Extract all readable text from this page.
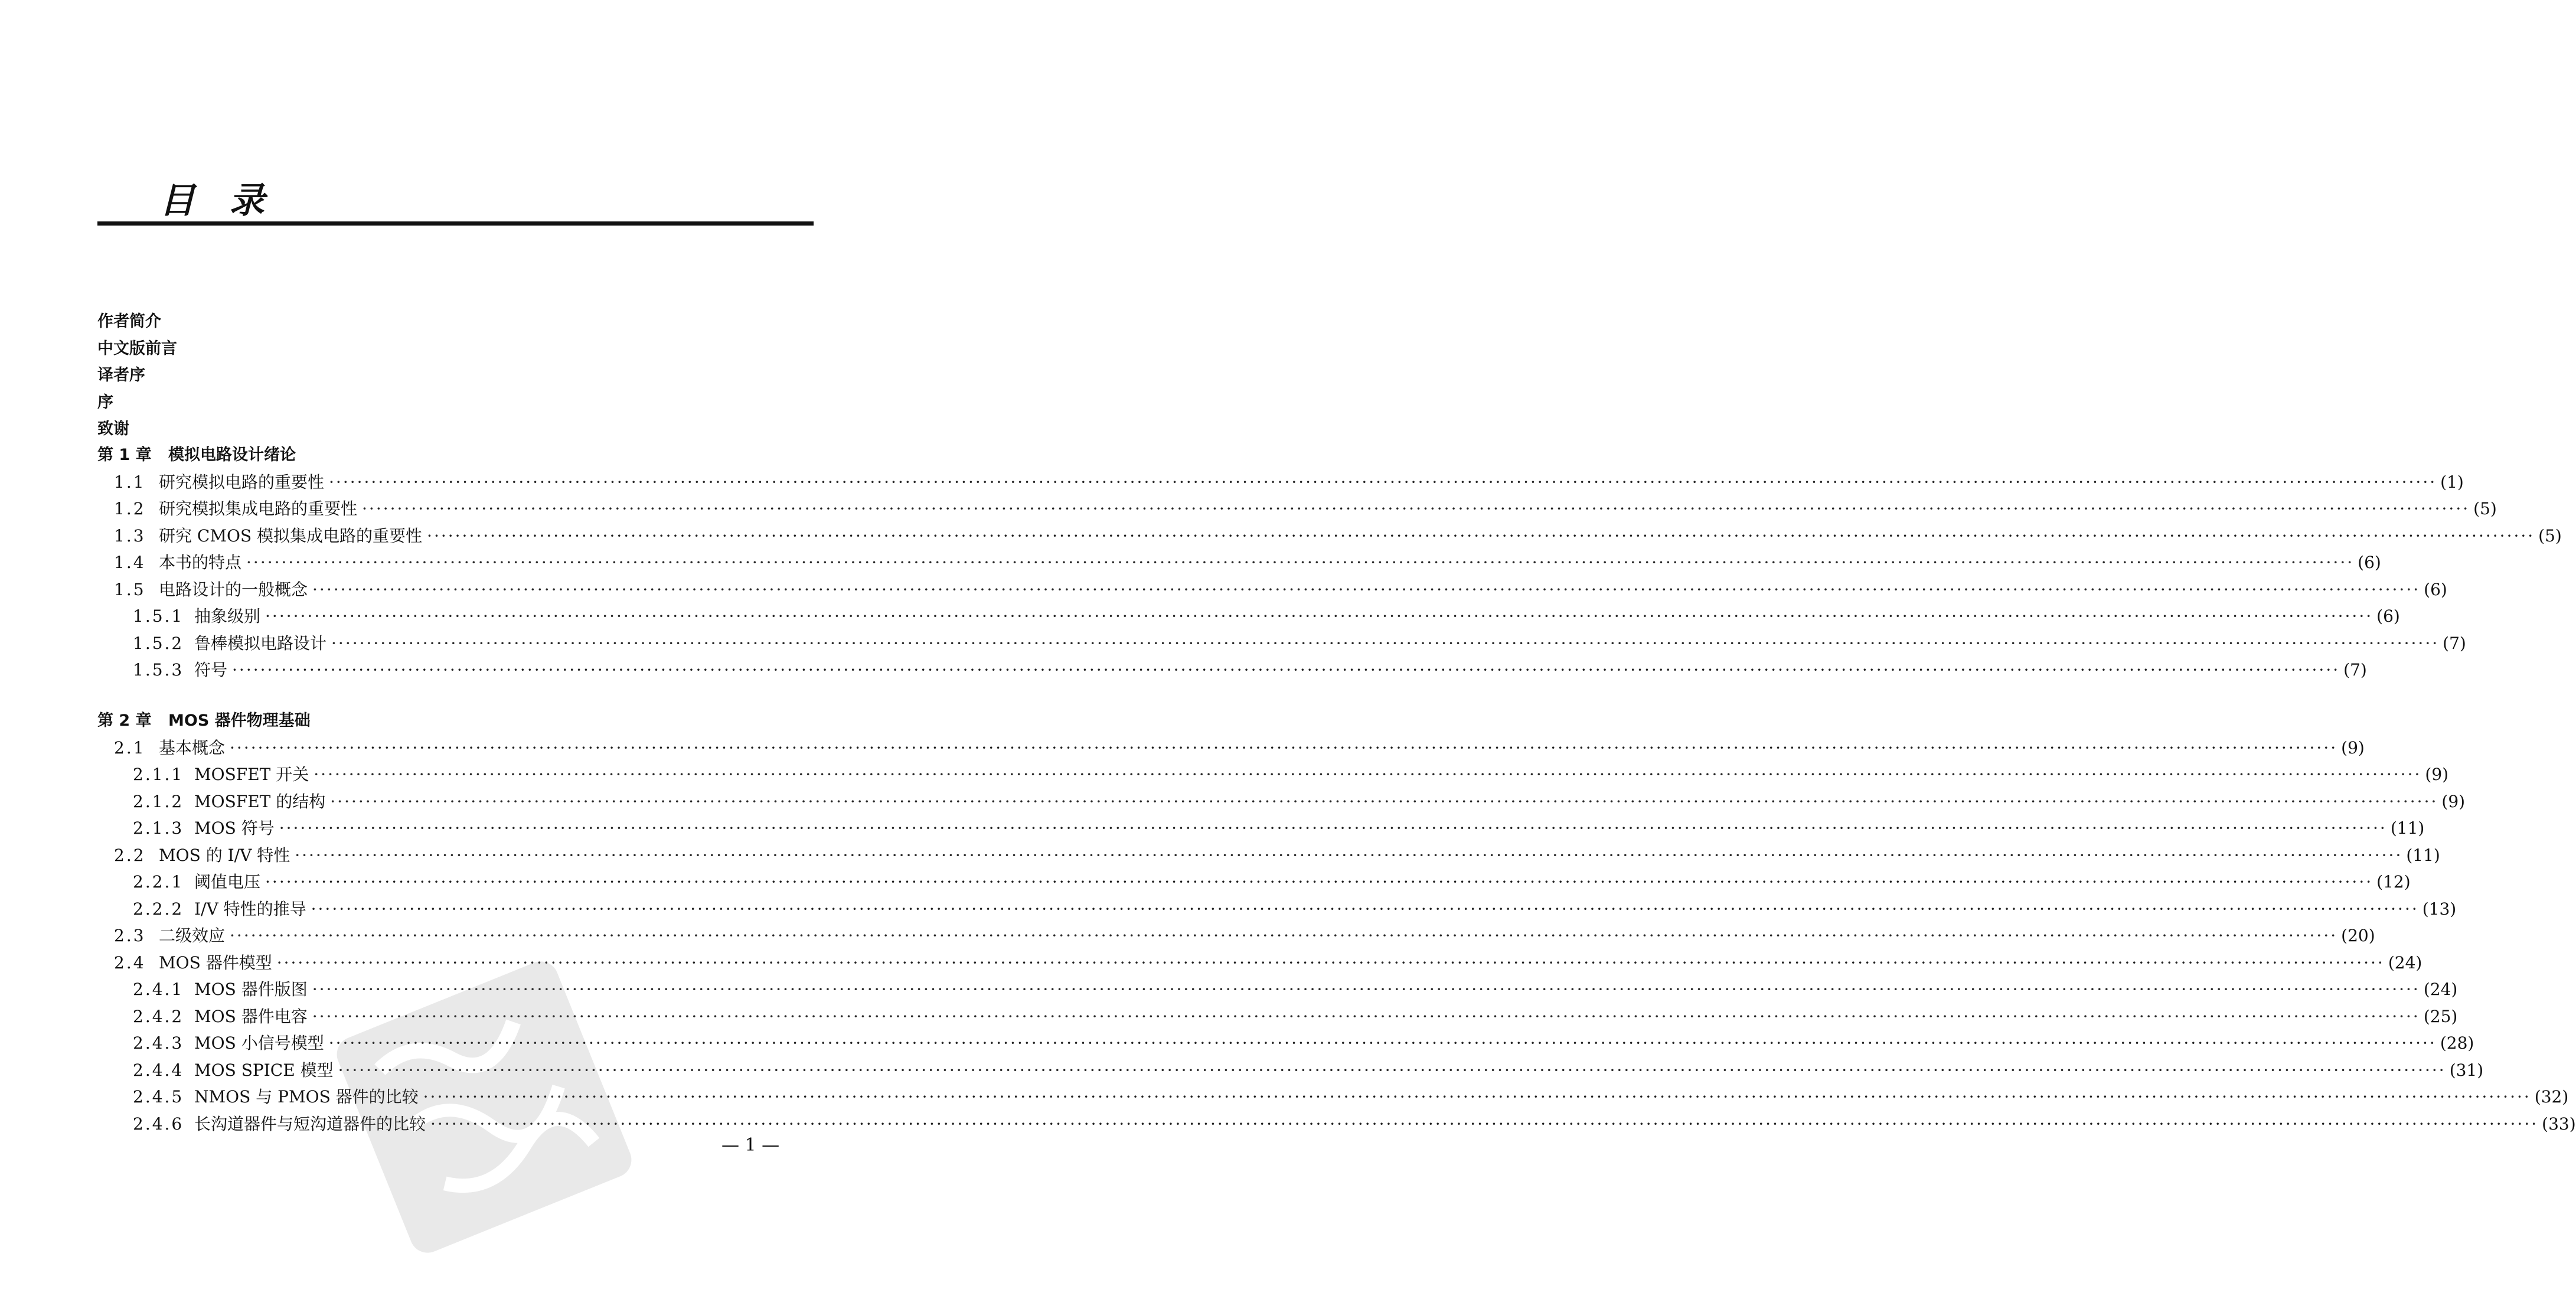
目 录
作者简介
中文版前言
译者序
序
致谢
第 1 章 模拟电路设计绪论
1.1 研究模拟电路的重要性 ············································································································································································································································································································ (1)
1.2 研究模拟集成电路的重要性 ············································································································································································································································································································ (5)
1.3 研究 CMOS 模拟集成电路的重要性 ············································································································································································································································································································ (5)
1.4 本书的特点 ············································································································································································································································································································ (6)
1.5 电路设计的一般概念 ············································································································································································································································································································ (6)
1.5.1 抽象级别 ············································································································································································································································································································ (6)
1.5.2 鲁棒模拟电路设计 ············································································································································································································································································································ (7)
1.5.3 符号 ············································································································································································································································································································ (7)
第 2 章 MOS 器件物理基础
2.1 基本概念 ············································································································································································································································································································ (9)
2.1.1 MOSFET 开关 ············································································································································································································································································································ (9)
2.1.2 MOSFET 的结构 ············································································································································································································································································································ (9)
2.1.3 MOS 符号 ············································································································································································································································································································ (11)
2.2 MOS 的 I/V 特性 ············································································································································································································································································································ (11)
2.2.1 阈值电压 ············································································································································································································································································································ (12)
2.2.2 I/V 特性的推导 ············································································································································································································································································································ (13)
2.3 二级效应 ············································································································································································································································································································ (20)
2.4 MOS 器件模型 ············································································································································································································································································································ (24)
2.4.1 MOS 器件版图 ············································································································································································································································································································ (24)
2.4.2 MOS 器件电容 ············································································································································································································································································································ (25)
2.4.3 MOS 小信号模型 ············································································································································································································································································································ (28)
2.4.4 MOS SPICE 模型 ············································································································································································································································································································ (31)
2.4.5 NMOS 与 PMOS 器件的比较 ············································································································································································································································································································ (32)
2.4.6 长沟道器件与短沟道器件的比较 ············································································································································································································································································································ (33)
— 1 —
